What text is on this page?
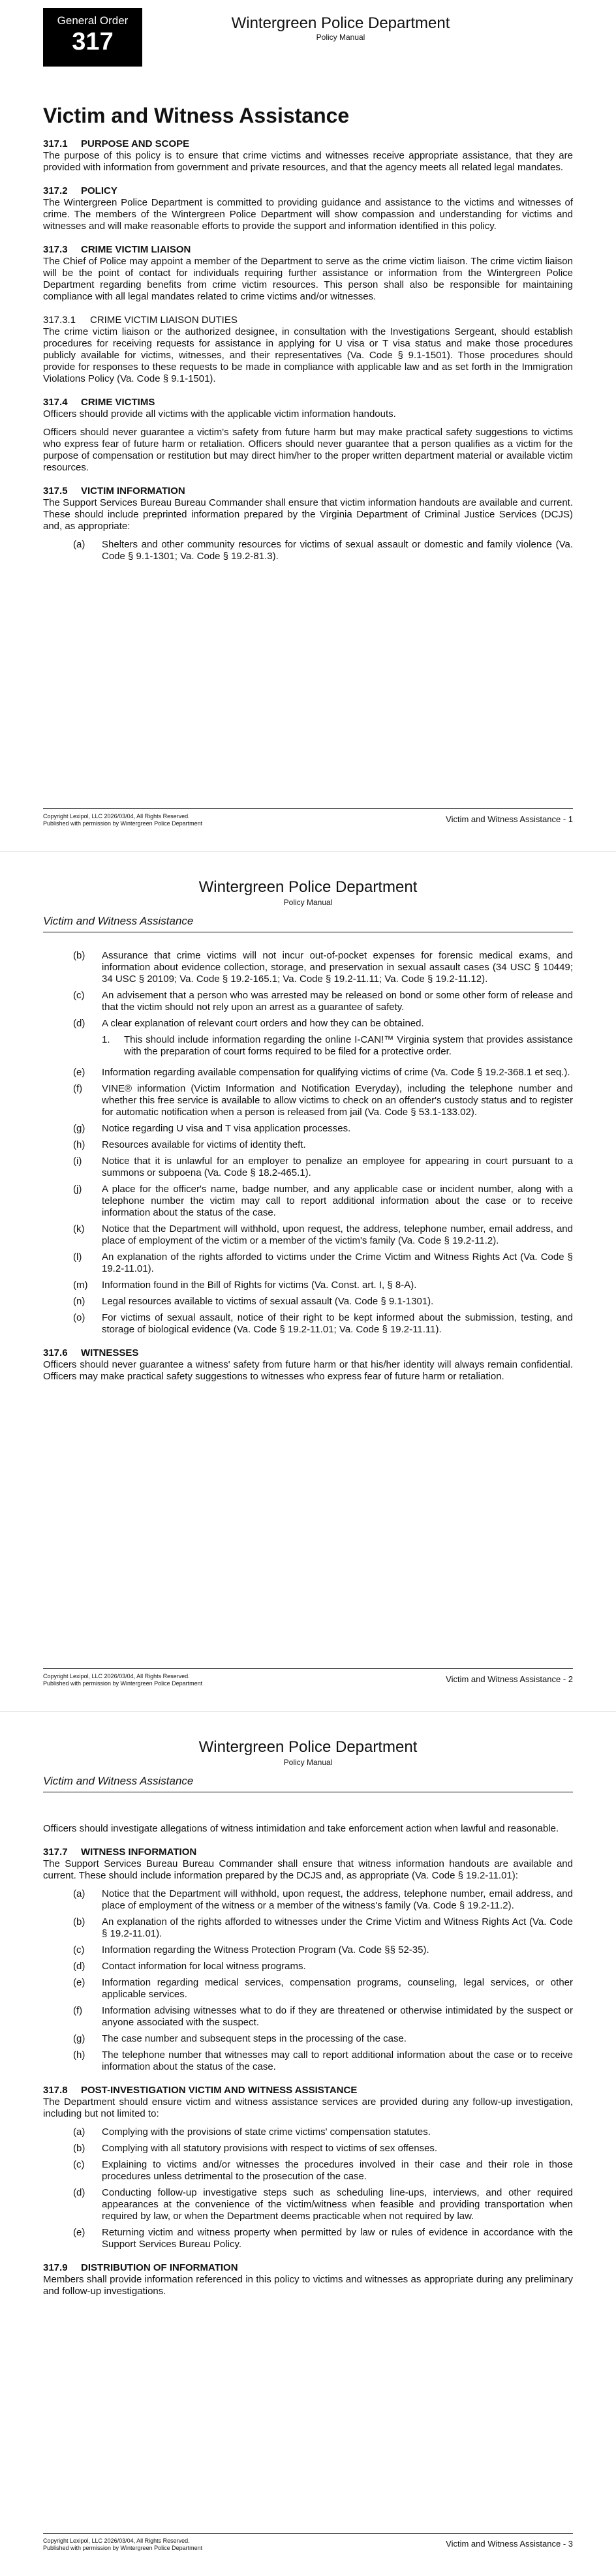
General Order
317
Wintergreen Police Department
Policy Manual
Victim and Witness Assistance
317.1 PURPOSE AND SCOPE

The purpose of this policy is to ensure that crime victims and witnesses receive appropriate assistance, that they are provided with information from government and private resources, and that the agency meets all related legal mandates.

317.2 POLICY

The Wintergreen Police Department is committed to providing guidance and assistance to the victims and witnesses of crime. The members of the Wintergreen Police Department will show compassion and understanding for victims and witnesses and will make reasonable efforts to provide the support and information identified in this policy.

317.3 CRIME VICTIM LIAISON

The Chief of Police may appoint a member of the Department to serve as the crime victim liaison. The crime victim liaison will be the point of contact for individuals requiring further assistance or information from the Wintergreen Police Department regarding benefits from crime victim resources. This person shall also be responsible for maintaining compliance with all legal mandates related to crime victims and/or witnesses.

317.3.1 CRIME VICTIM LIAISON DUTIES

The crime victim liaison or the authorized designee, in consultation with the Investigations Sergeant, should establish procedures for receiving requests for assistance in applying for U visa or T visa status and make those procedures publicly available for victims, witnesses, and their representatives (Va. Code § 9.1-1501). Those procedures should provide for responses to these requests to be made in compliance with applicable law and as set forth in the Immigration Violations Policy (Va. Code § 9.1-1501).

317.4 CRIME VICTIMS

Officers should provide all victims with the applicable victim information handouts.

Officers should never guarantee a victim's safety from future harm but may make practical safety suggestions to victims who express fear of future harm or retaliation. Officers should never guarantee that a person qualifies as a victim for the purpose of compensation or restitution but may direct him/her to the proper written department material or available victim resources.

317.5 VICTIM INFORMATION

The Support Services Bureau Bureau Commander shall ensure that victim information handouts are available and current. These should include preprinted information prepared by the Virginia Department of Criminal Justice Services (DCJS) and, as appropriate:

(a)	Shelters and other community resources for victims of sexual assault or domestic and family violence (Va. Code § 9.1-1301; Va. Code § 19.2-81.3).
Copyright Lexipol, LLC 2026/03/04, All Rights Reserved.
Published with permission by Wintergreen Police Department	Victim and Witness Assistance - 1
Wintergreen Police Department
Policy Manual
Victim and Witness Assistance
(b)	Assurance that crime victims will not incur out-of-pocket expenses for forensic medical exams, and information about evidence collection, storage, and preservation in sexual assault cases (34 USC § 10449; 34 USC § 20109; Va. Code § 19.2-165.1; Va. Code § 19.2-11.11; Va. Code § 19.2-11.12).
(c)	An advisement that a person who was arrested may be released on bond or some other form of release and that the victim should not rely upon an arrest as a guarantee of safety.
(d)	A clear explanation of relevant court orders and how they can be obtained.
1.	This should include information regarding the online I-CAN!™ Virginia system that provides assistance with the preparation of court forms required to be filed for a protective order.
(e)	Information regarding available compensation for qualifying victims of crime (Va. Code § 19.2-368.1 et seq.).
(f)	VINE® information (Victim Information and Notification Everyday), including the telephone number and whether this free service is available to allow victims to check on an offender's custody status and to register for automatic notification when a person is released from jail (Va. Code § 53.1-133.02).
(g)	Notice regarding U visa and T visa application processes.
(h)	Resources available for victims of identity theft.
(i)	Notice that it is unlawful for an employer to penalize an employee for appearing in court pursuant to a summons or subpoena (Va. Code § 18.2-465.1).
(j)	A place for the officer's name, badge number, and any applicable case or incident number, along with a telephone number the victim may call to report additional information about the case or to receive information about the status of the case.
(k)	Notice that the Department will withhold, upon request, the address, telephone number, email address, and place of employment of the victim or a member of the victim's family (Va. Code § 19.2-11.2).
(l)	An explanation of the rights afforded to victims under the Crime Victim and Witness Rights Act (Va. Code § 19.2-11.01).
(m)	Information found in the Bill of Rights for victims (Va. Const. art. I, § 8-A).
(n)	Legal resources available to victims of sexual assault (Va. Code § 9.1-1301).
(o)	For victims of sexual assault, notice of their right to be kept informed about the submission, testing, and storage of biological evidence (Va. Code § 19.2-11.01; Va. Code § 19.2-11.11).
317.6 WITNESSES

Officers should never guarantee a witness' safety from future harm or that his/her identity will always remain confidential. Officers may make practical safety suggestions to witnesses who express fear of future harm or retaliation.

Copyright Lexipol, LLC 2026/03/04, All Rights Reserved.
Published with permission by Wintergreen Police Department	Victim and Witness Assistance - 2
Wintergreen Police Department
Policy Manual
Victim and Witness Assistance

Officers should investigate allegations of witness intimidation and take enforcement action when lawful and reasonable.

317.7 WITNESS INFORMATION

The Support Services Bureau Bureau Commander shall ensure that witness information handouts are available and current. These should include information prepared by the DCJS and, as appropriate (Va. Code § 19.2-11.01):

(a)	Notice that the Department will withhold, upon request, the address, telephone number, email address, and place of employment of the witness or a member of the witness's family (Va. Code § 19.2-11.2).
(b)	An explanation of the rights afforded to witnesses under the Crime Victim and Witness Rights Act (Va. Code § 19.2-11.01).
(c)	Information regarding the Witness Protection Program (Va. Code §§ 52-35).
(d)	Contact information for local witness programs.
(e)	Information regarding medical services, compensation programs, counseling, legal services, or other applicable services.
(f)	Information advising witnesses what to do if they are threatened or otherwise intimidated by the suspect or anyone associated with the suspect.
(g)	The case number and subsequent steps in the processing of the case.
(h)	The telephone number that witnesses may call to report additional information about the case or to receive information about the status of the case.
317.8 POST-INVESTIGATION VICTIM AND WITNESS ASSISTANCE

The Department should ensure victim and witness assistance services are provided during any follow-up investigation, including but not limited to:

(a)	Complying with the provisions of state crime victims' compensation statutes.
(b)	Complying with all statutory provisions with respect to victims of sex offenses.
(c)	Explaining to victims and/or witnesses the procedures involved in their case and their role in those procedures unless detrimental to the prosecution of the case.
(d)	Conducting follow-up investigative steps such as scheduling line-ups, interviews, and other required appearances at the convenience of the victim/witness when feasible and providing transportation when required by law, or when the Department deems practicable when not required by law.
(e)	Returning victim and witness property when permitted by law or rules of evidence in accordance with the Support Services Bureau Policy.
317.9 DISTRIBUTION OF INFORMATION

Members shall provide information referenced in this policy to victims and witnesses as appropriate during any preliminary and follow-up investigations.

Copyright Lexipol, LLC 2026/03/04, All Rights Reserved.
Published with permission by Wintergreen Police Department	Victim and Witness Assistance - 3
